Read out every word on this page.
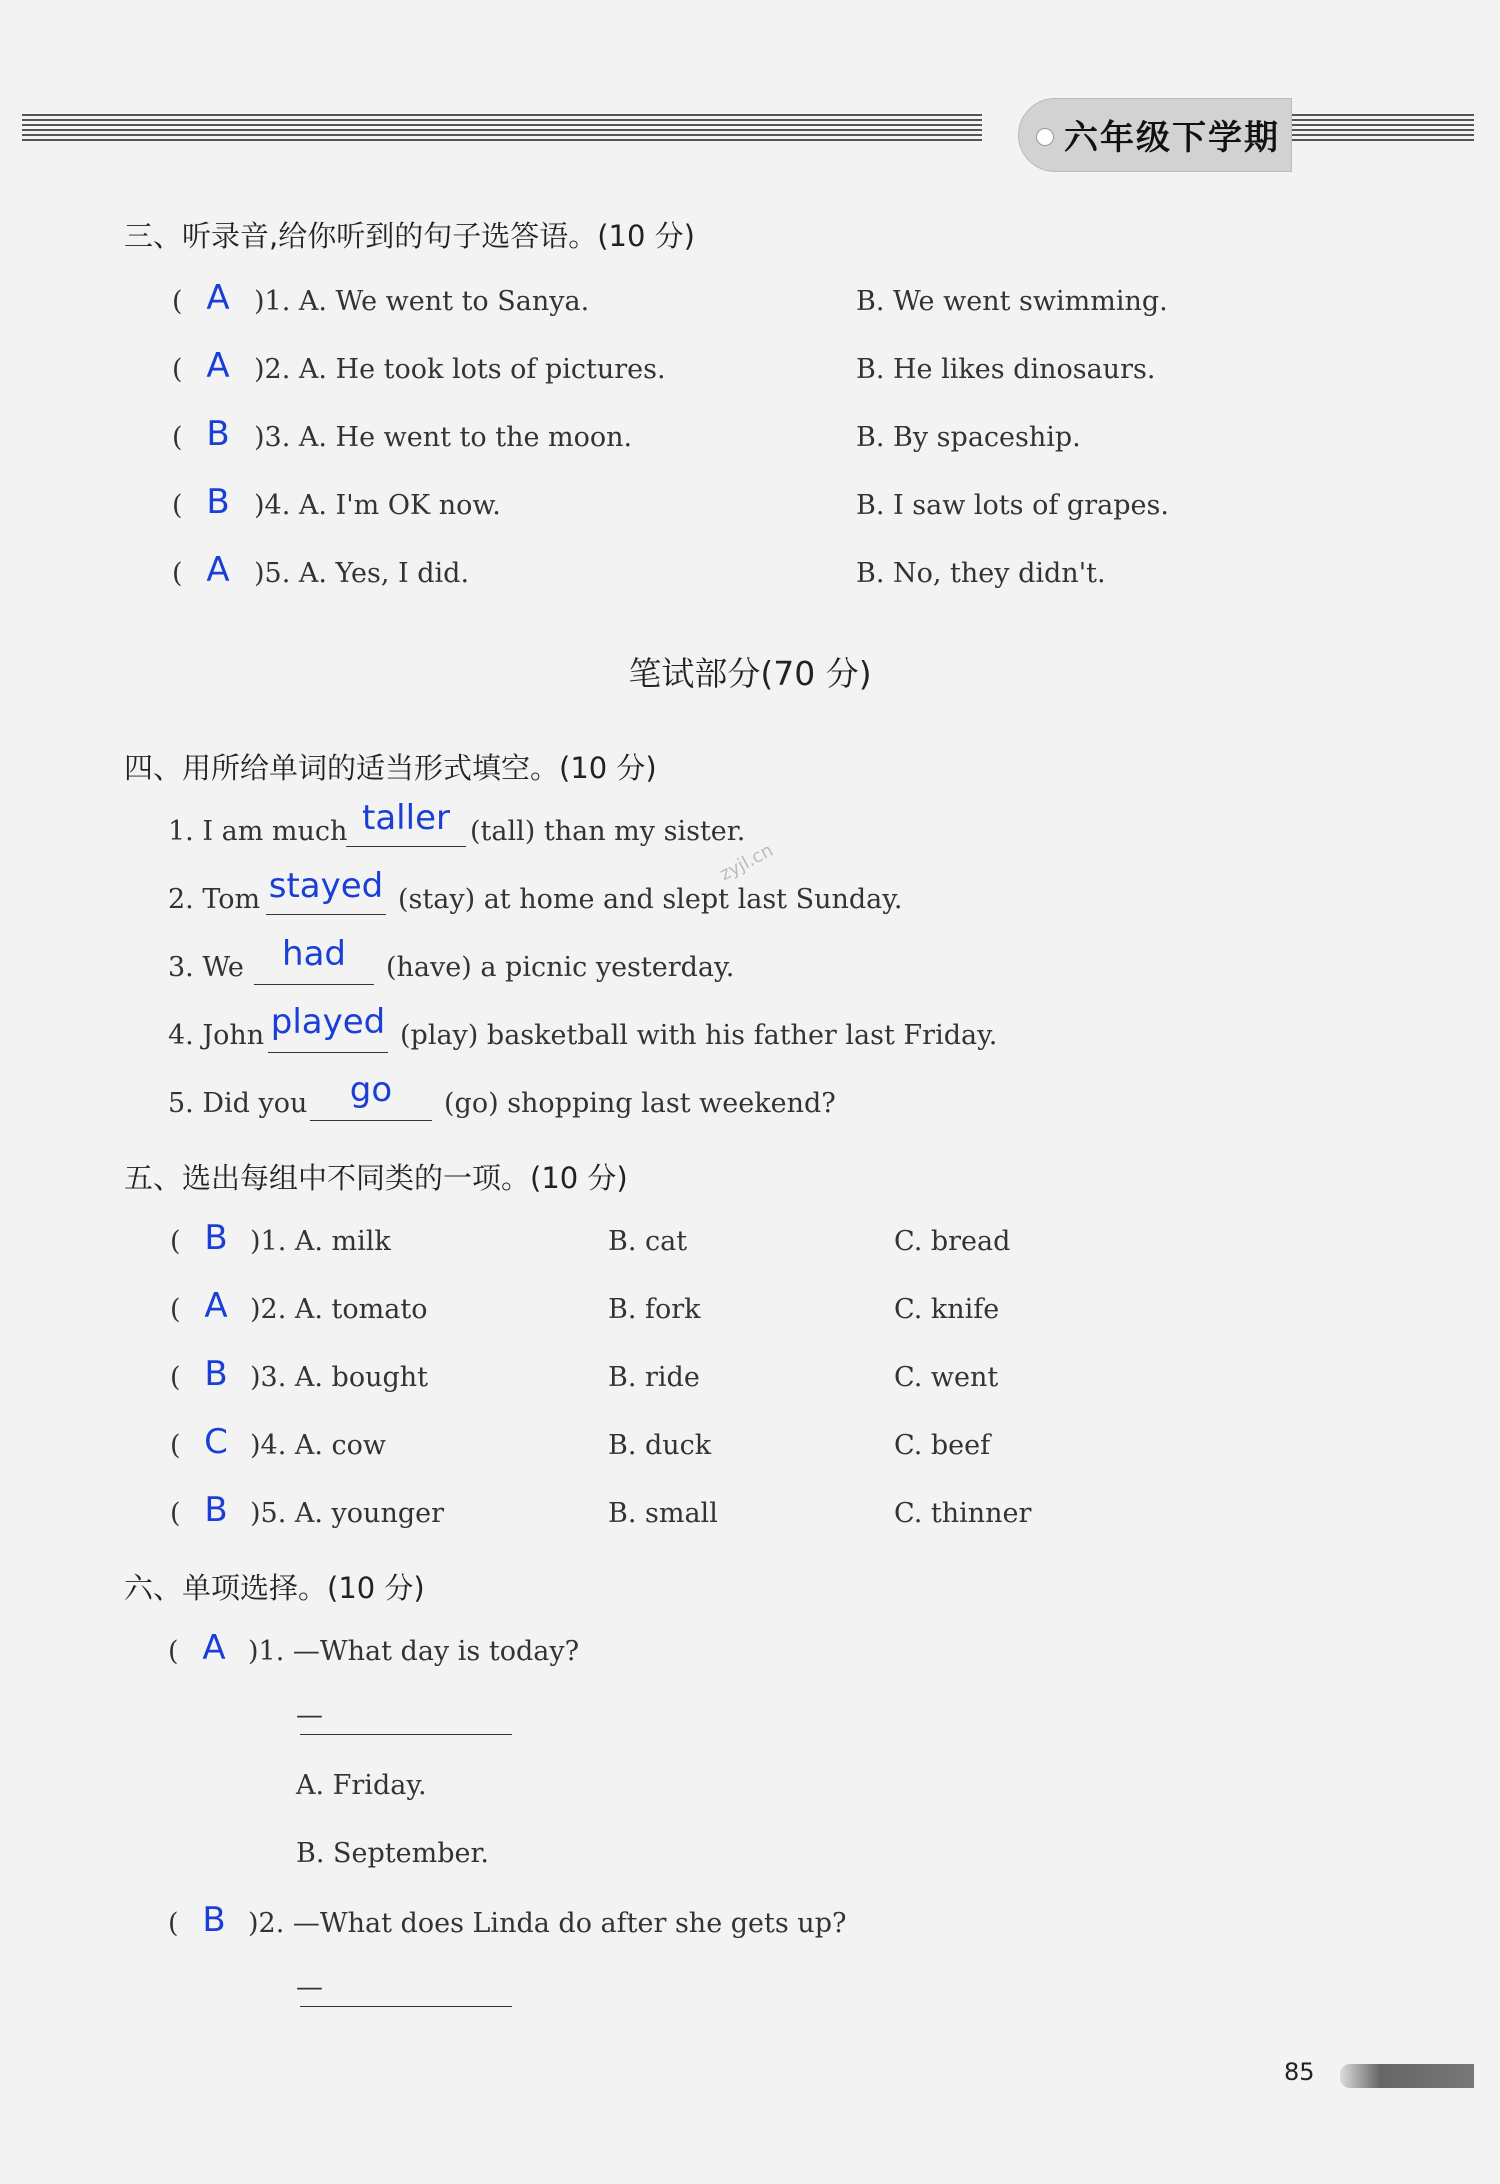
六年级下学期
三、听录音,给你听到的句子选答语。(10 分)
( A )1. A. We went to Sanya.	B. We went swimming.
( A )2. A. He took lots of pictures.	B. He likes dinosaurs.
( B )3. A. He went to the moon.	B. By spaceship.
( B )4. A. I'm OK now.	B. I saw lots of grapes.
( A )5. A. Yes, I did.	B. No, they didn't.
笔试部分(70 分)
四、用所给单词的适当形式填空。(10 分)
1. I am much taller (tall) than my sister.
2. Tom stayed (stay) at home and slept last Sunday.
3. We	had	(have) a picnic yesterday.
4. John played (play) basketball with his father last Friday.
5. Did you	go	(go) shopping last weekend?
zyjl.cn
五、选出每组中不同类的一项。(10 分)
( B )1. A. milk	B. cat	C. bread
( A )2. A. tomato	B. fork	C. knife
( B )3. A. bought	B. ride	C. went
( C )4. A. cow	B. duck	C. beef
( B )5. A. younger	B. small	C. thinner
六、单项选择。(10 分)
( A )1. —What day is today?
—
A. Friday.
B. September.
( B )2. —What does Linda do after she gets up?
—
85
